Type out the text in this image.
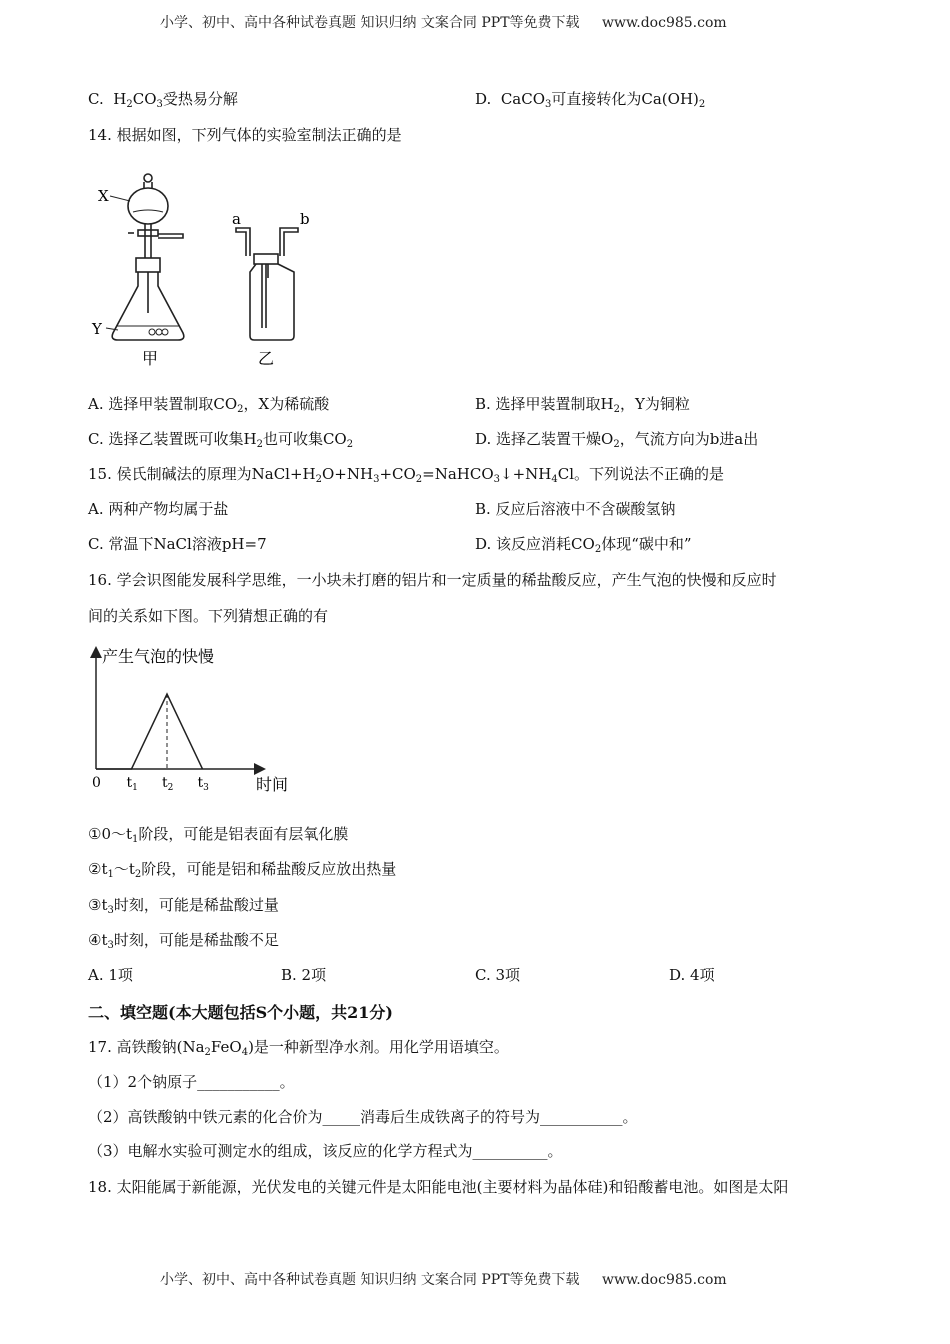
小学、初中、高中各种试卷真题 知识归纳 文案合同 PPT等免费下载 www.doc985.com
C. $H_2CO_3$受热易分解	D. CaCO$_3$可直接转化为$Ca(OH)_2$
14. 根据如图，下列气体的实验室制法正确的是
X
Y
a	b
甲	乙
A. 选择甲装置制取$CO_2$，X为稀硫酸	B. 选择甲装置制取$H_2$，Y为铜粒
C. 选择乙装置既可收集$H_2$也可收集$CO_2$	D. 选择乙装置干燥$O_2$，气流方向为b进a出
15. 侯氏制碱法的原理为$NaCl+H_2O+NH_3+CO_2=NaHCO_3↓+NH_4Cl$。下列说法不正确的是
A. 两种产物均属于盐	B. 反应后溶液中不含碳酸氢钠
C. 常温下NaCl溶液pH=7	D. 该反应消耗$CO_2$体现“碳中和”
16. 学会识图能发展科学思维，一小块未打磨的铝片和一定质量的稀盐酸反应，产生气泡的快慢和反应时
间的关系如下图。下列猜想正确的有
产生气泡的快慢
时间
0 $t_1$ $t_2$ $t_3$
$①0\sim t_1$阶段，可能是铝表面有层氧化膜
$②t_1\sim t_2$阶段，可能是铝和稀盐酸反应放出热量
$③t_3$时刻，可能是稀盐酸过量
$④t_3$时刻，可能是稀盐酸不足
A. 1项	B. 2项	C. 3项	D. 4项
二、填空题(本大题包括S个小题，共21分)
17. 高铁酸钠$(Na_2FeO_4)$是一种新型净水剂。用化学用语填空。
（1）2个钠原子___________。
（2）高铁酸钠中铁元素的化合价为_____消毒后生成铁离子的符号为___________。
（3）电解水实验可测定水的组成，该反应的化学方程式为__________。
18. 太阳能属于新能源，光伏发电的关键元件是太阳能电池(主要材料为晶体硅)和铅酸蓄电池。如图是太阳
小学、初中、高中各种试卷真题 知识归纳 文案合同 PPT等免费下载 www.doc985.com
